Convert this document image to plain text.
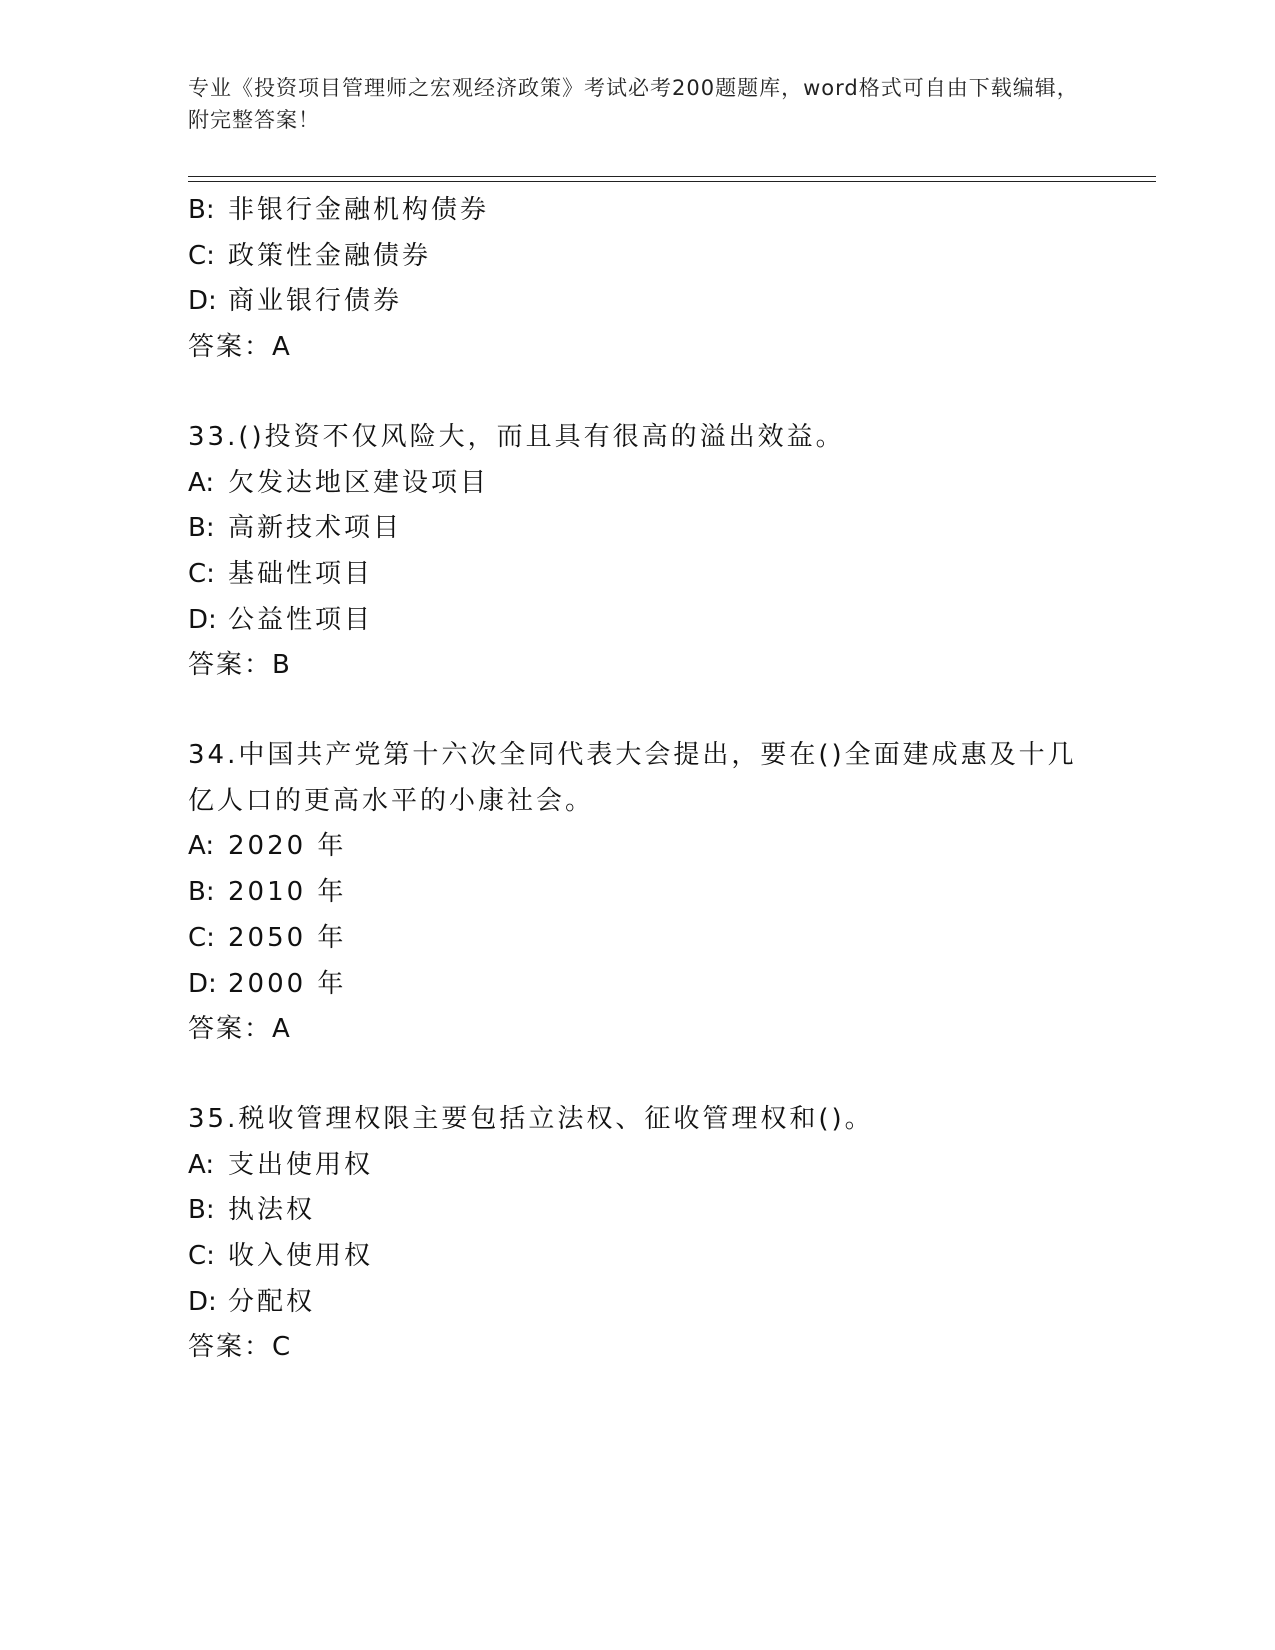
专业《投资项目管理师之宏观经济政策》考试必考200题题库，word格式可自由下载编辑，附完整答案！
B: 非银行金融机构债券
C: 政策性金融债券
D: 商业银行债券
答案：A
33.()投资不仅风险大，而且具有很高的溢出效益。
A: 欠发达地区建设项目
B: 高新技术项目
C: 基础性项目
D: 公益性项目
答案：B
34.中国共产党第十六次全同代表大会提出，要在()全面建成惠及十几亿人口的更高水平的小康社会。
A: 2020 年
B: 2010 年
C: 2050 年
D: 2000 年
答案：A
35.税收管理权限主要包括立法权、征收管理权和()。
A: 支出使用权
B: 执法权
C: 收入使用权
D: 分配权
答案：C
